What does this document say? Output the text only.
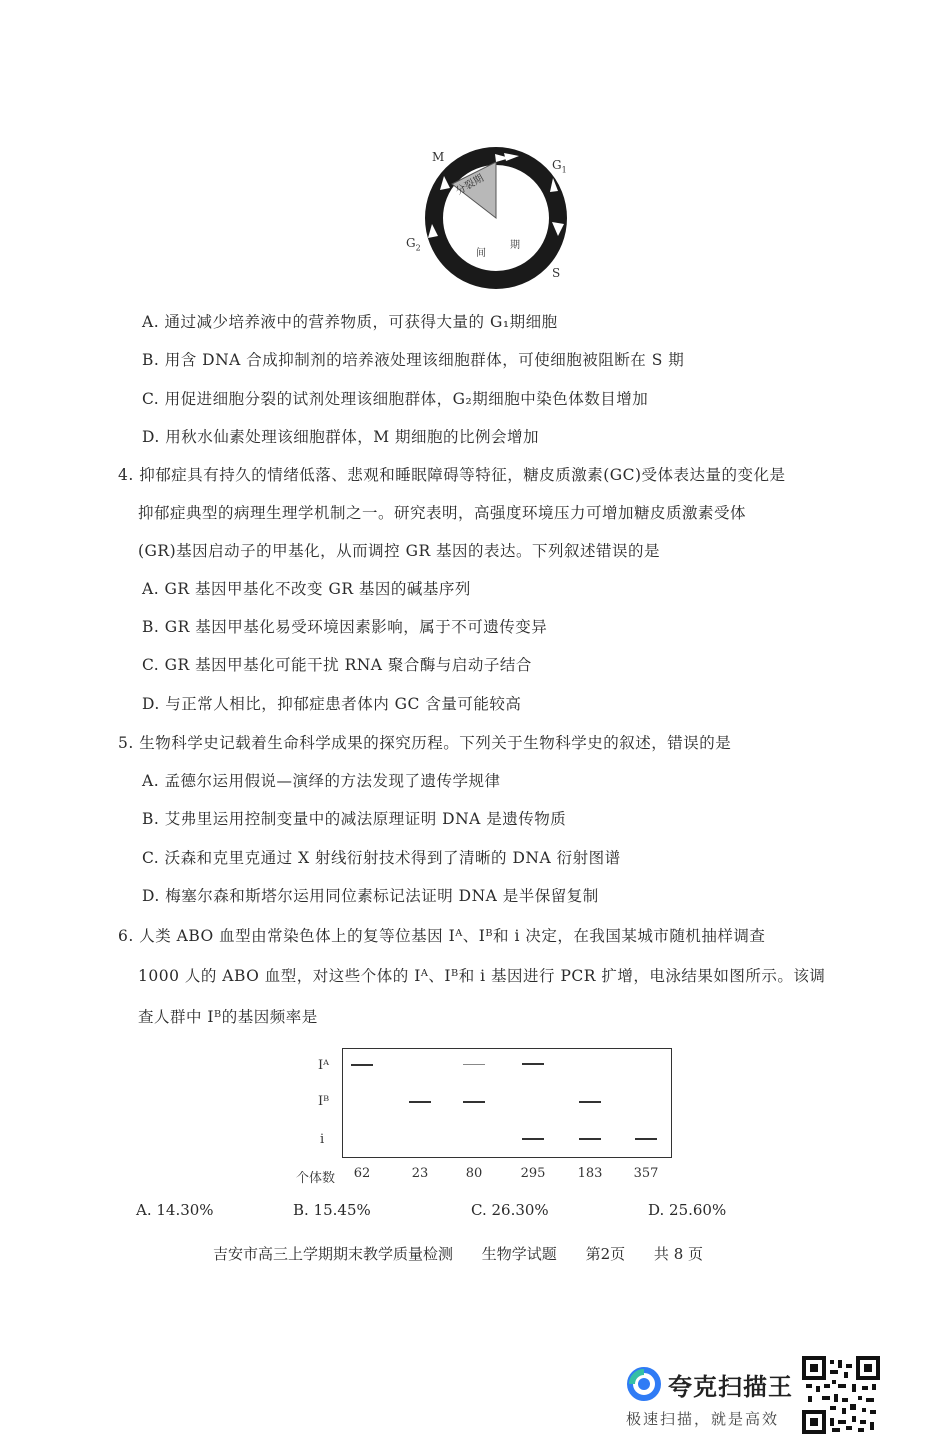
M
$G_1$
$G_2$
S
分裂期
间
期
A. 通过减少培养液中的营养物质，可获得大量的 G₁期细胞
B. 用含 DNA 合成抑制剂的培养液处理该细胞群体，可使细胞被阻断在 S 期
C. 用促进细胞分裂的试剂处理该细胞群体，G₂期细胞中染色体数目增加
D. 用秋水仙素处理该细胞群体，M 期细胞的比例会增加
4. 抑郁症具有持久的情绪低落、悲观和睡眠障碍等特征，糖皮质激素(GC)受体表达量的变化是
抑郁症典型的病理生理学机制之一。研究表明，高强度环境压力可增加糖皮质激素受体
(GR)基因启动子的甲基化，从而调控 GR 基因的表达。下列叙述错误的是
A. GR 基因甲基化不改变 GR 基因的碱基序列
B. GR 基因甲基化易受环境因素影响，属于不可遗传变异
C. GR 基因甲基化可能干扰 RNA 聚合酶与启动子结合
D. 与正常人相比，抑郁症患者体内 GC 含量可能较高
5. 生物科学史记载着生命科学成果的探究历程。下列关于生物科学史的叙述，错误的是
A. 孟德尔运用假说—演绎的方法发现了遗传学规律
B. 艾弗里运用控制变量中的减法原理证明 DNA 是遗传物质
C. 沃森和克里克通过 X 射线衍射技术得到了清晰的 DNA 衍射图谱
D. 梅塞尔森和斯塔尔运用同位素标记法证明 DNA 是半保留复制
6. 人类 ABO 血型由常染色体上的复等位基因 Iᴬ、Iᴮ和 i 决定，在我国某城市随机抽样调查
1000 人的 ABO 血型，对这些个体的 Iᴬ、Iᴮ和 i 基因进行 PCR 扩增，电泳结果如图所示。该调
查人群中 Iᴮ的基因频率是
Iᴬ
Iᴮ
i
个体数	62	23	80	295	183	357
A. 14.30%	B. 15.45%	C. 26.30%	D. 25.60%
吉安市高三上学期期末教学质量检测 生物学试题 第2页 共 8 页
夸克扫描王
极速扫描，就是高效
